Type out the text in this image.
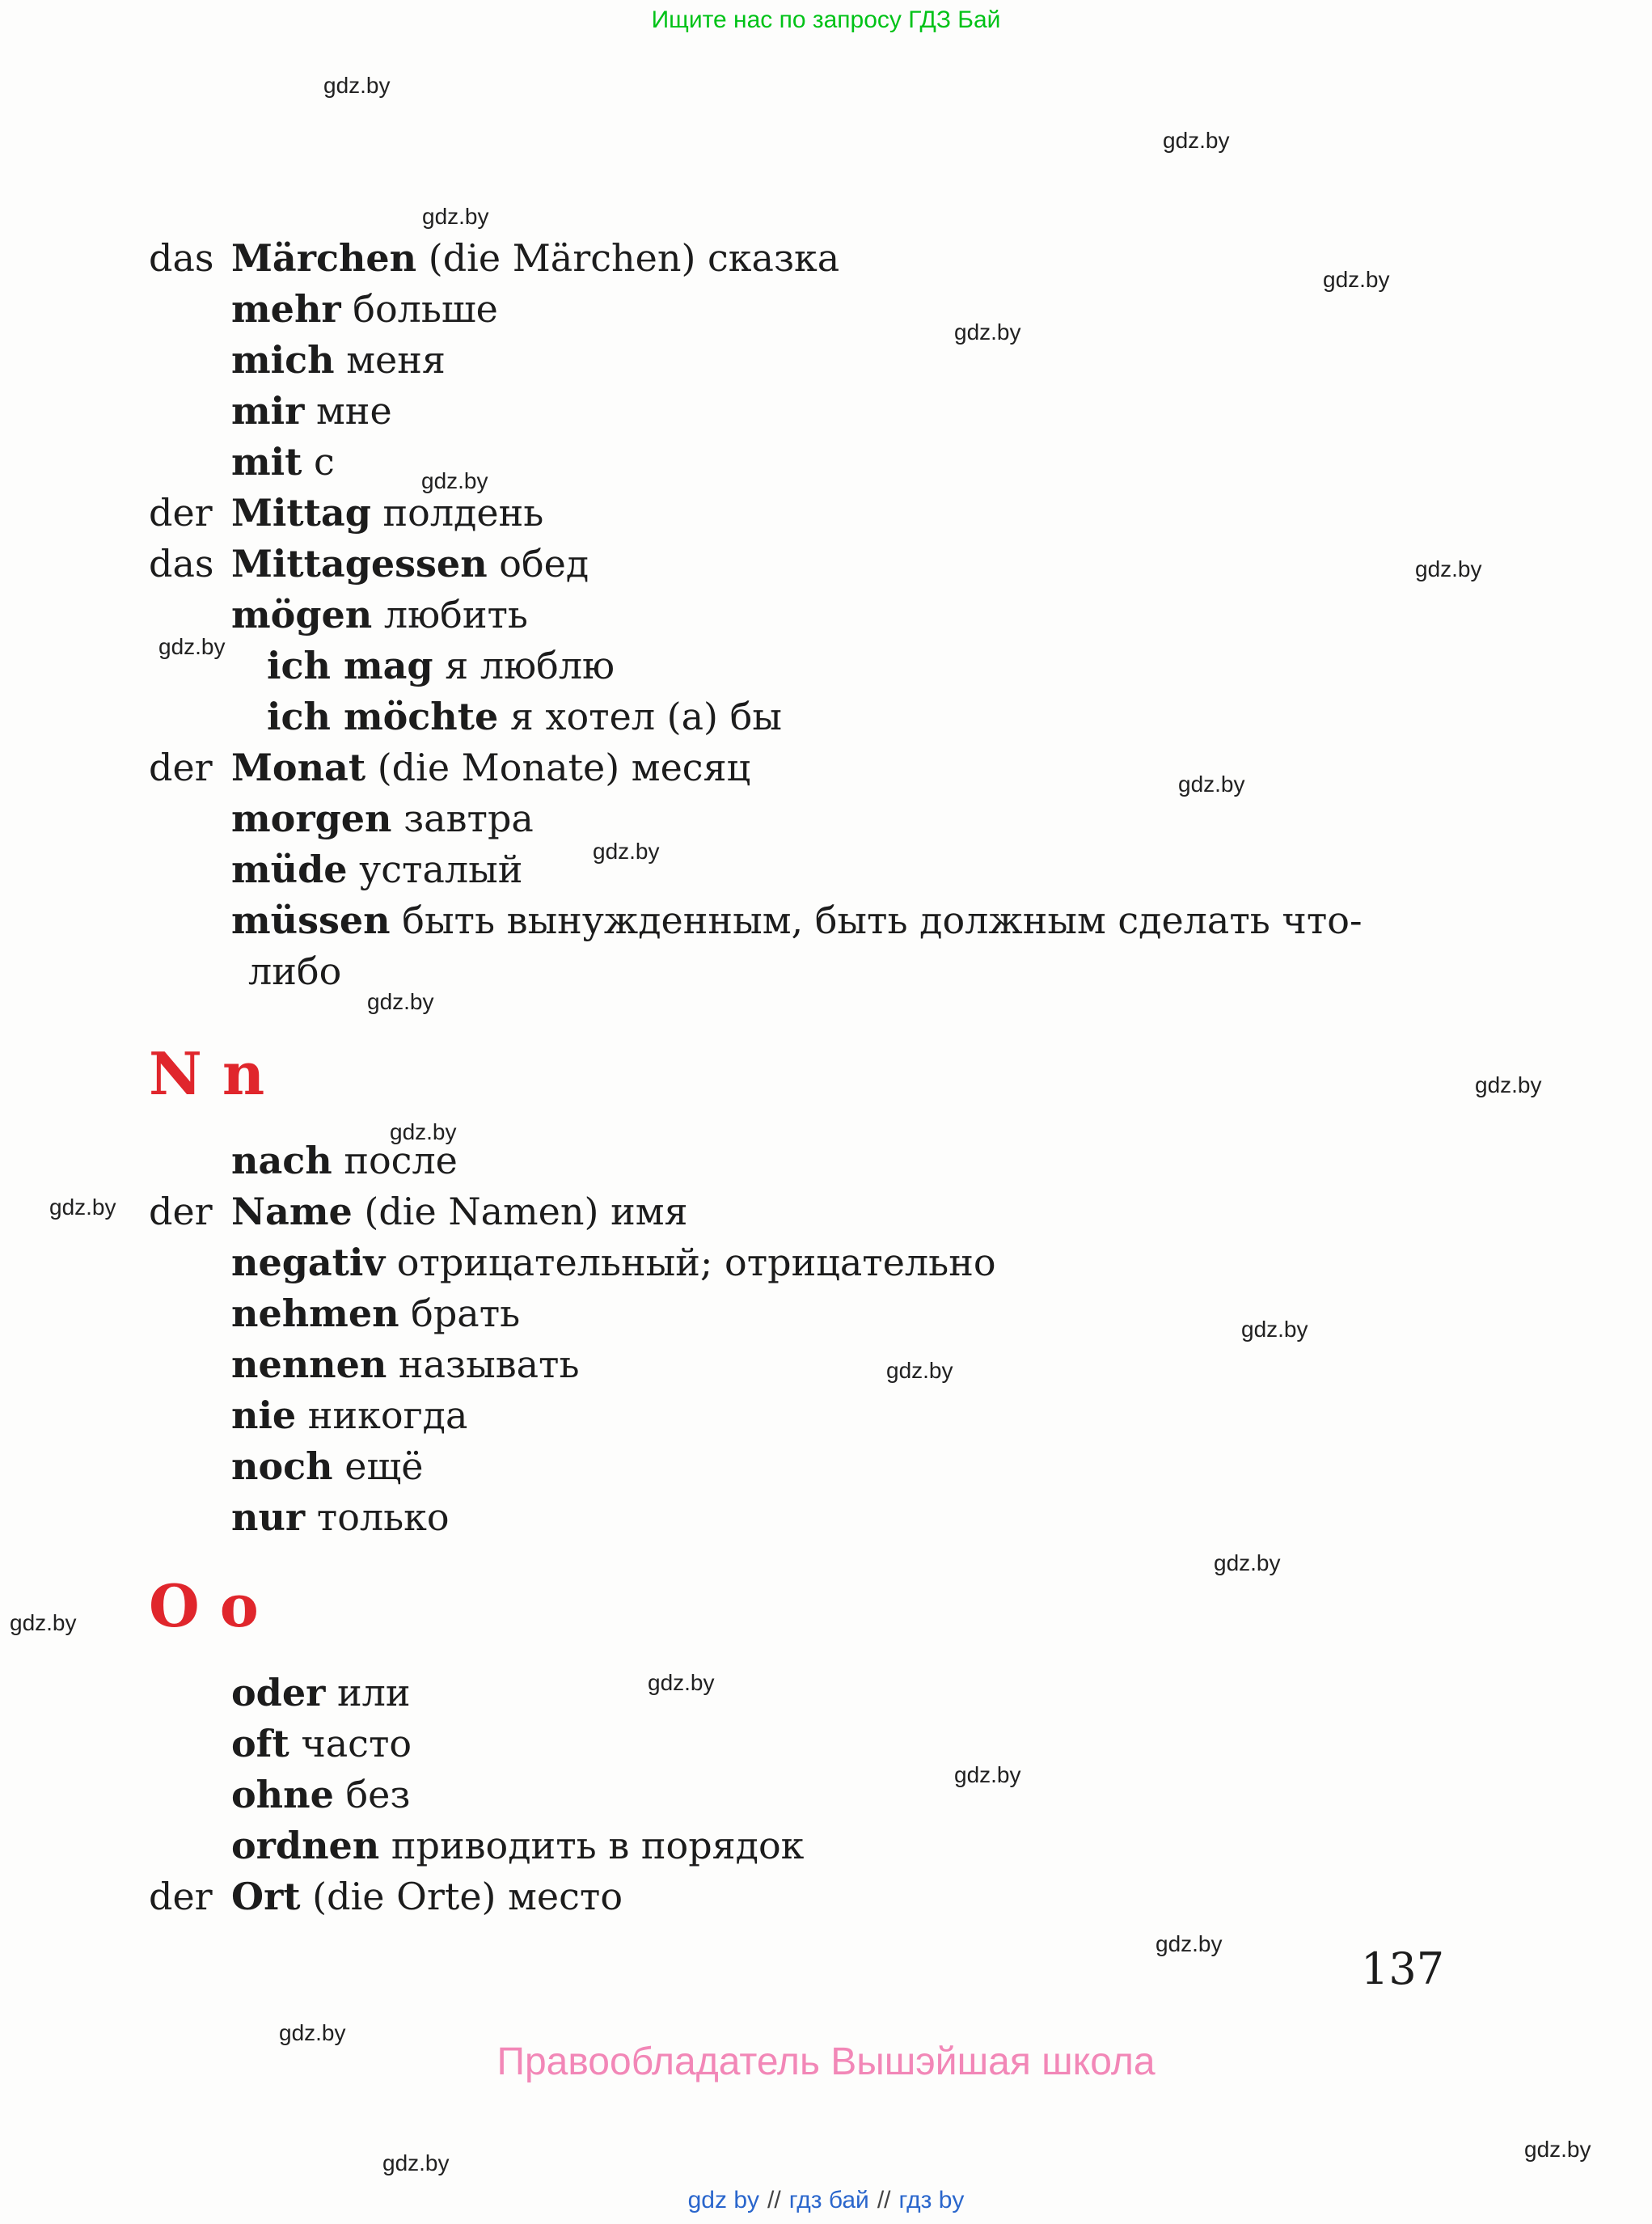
Ищите нас по запросу ГДЗ Бай
gdz.by
gdz.by
gdz.by
gdz.by
gdz.by
gdz.by
gdz.by
gdz.by
gdz.by
gdz.by
gdz.by
gdz.by
gdz.by
gdz.by
gdz.by
gdz.by
gdz.by
gdz.by
gdz.by
gdz.by
gdz.by
gdz.by
gdz.by
gdz.by
das Märchen (die Märchen) сказка
mehr больше
mich меня
mir мне
mit с
der Mittag полдень
das Mittagessen обед
mögen любить
ich mag я люблю
ich möchte я хотел (а) бы
der Monat (die Monate) месяц
morgen завтра
müde усталый
müssen быть вынужденным, быть должным сделать что-
либо
N n
nach после
der Name (die Namen) имя
negativ отрицательный; отрицательно
nehmen брать
nennen называть
nie никогда
noch ещё
nur только
O o
oder или
oft часто
ohne без
ordnen приводить в порядок
der Ort (die Orte) место
137
Правообладатель Вышэйшая школа
gdz by // гдз бай // гдз by
